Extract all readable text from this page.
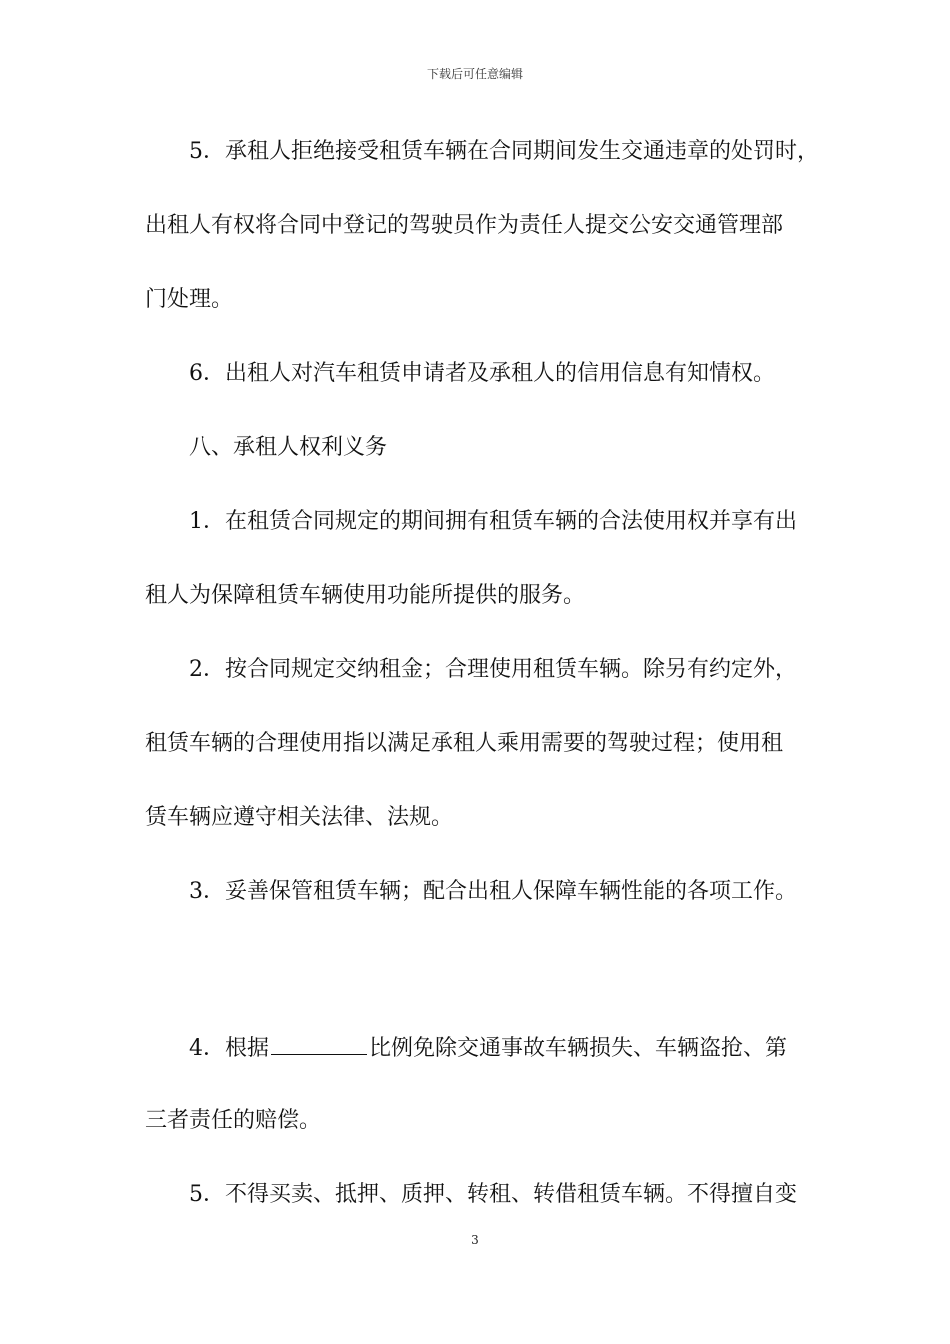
下载后可任意编辑
5．承租人拒绝接受租赁车辆在合同期间发生交通违章的处罚时，
出租人有权将合同中登记的驾驶员作为责任人提交公安交通管理部
门处理。
6．出租人对汽车租赁申请者及承租人的信用信息有知情权。
八、承租人权利义务
1．在租赁合同规定的期间拥有租赁车辆的合法使用权并享有出
租人为保障租赁车辆使用功能所提供的服务。
2．按合同规定交纳租金；合理使用租赁车辆。除另有约定外，
租赁车辆的合理使用指以满足承租人乘用需要的驾驶过程；使用租
赁车辆应遵守相关法律、法规。
3．妥善保管租赁车辆；配合出租人保障车辆性能的各项工作。
4．根据	比例免除交通事故车辆损失、车辆盗抢、第
三者责任的赔偿。
5．不得买卖、抵押、质押、转租、转借租赁车辆。不得擅自变
3
